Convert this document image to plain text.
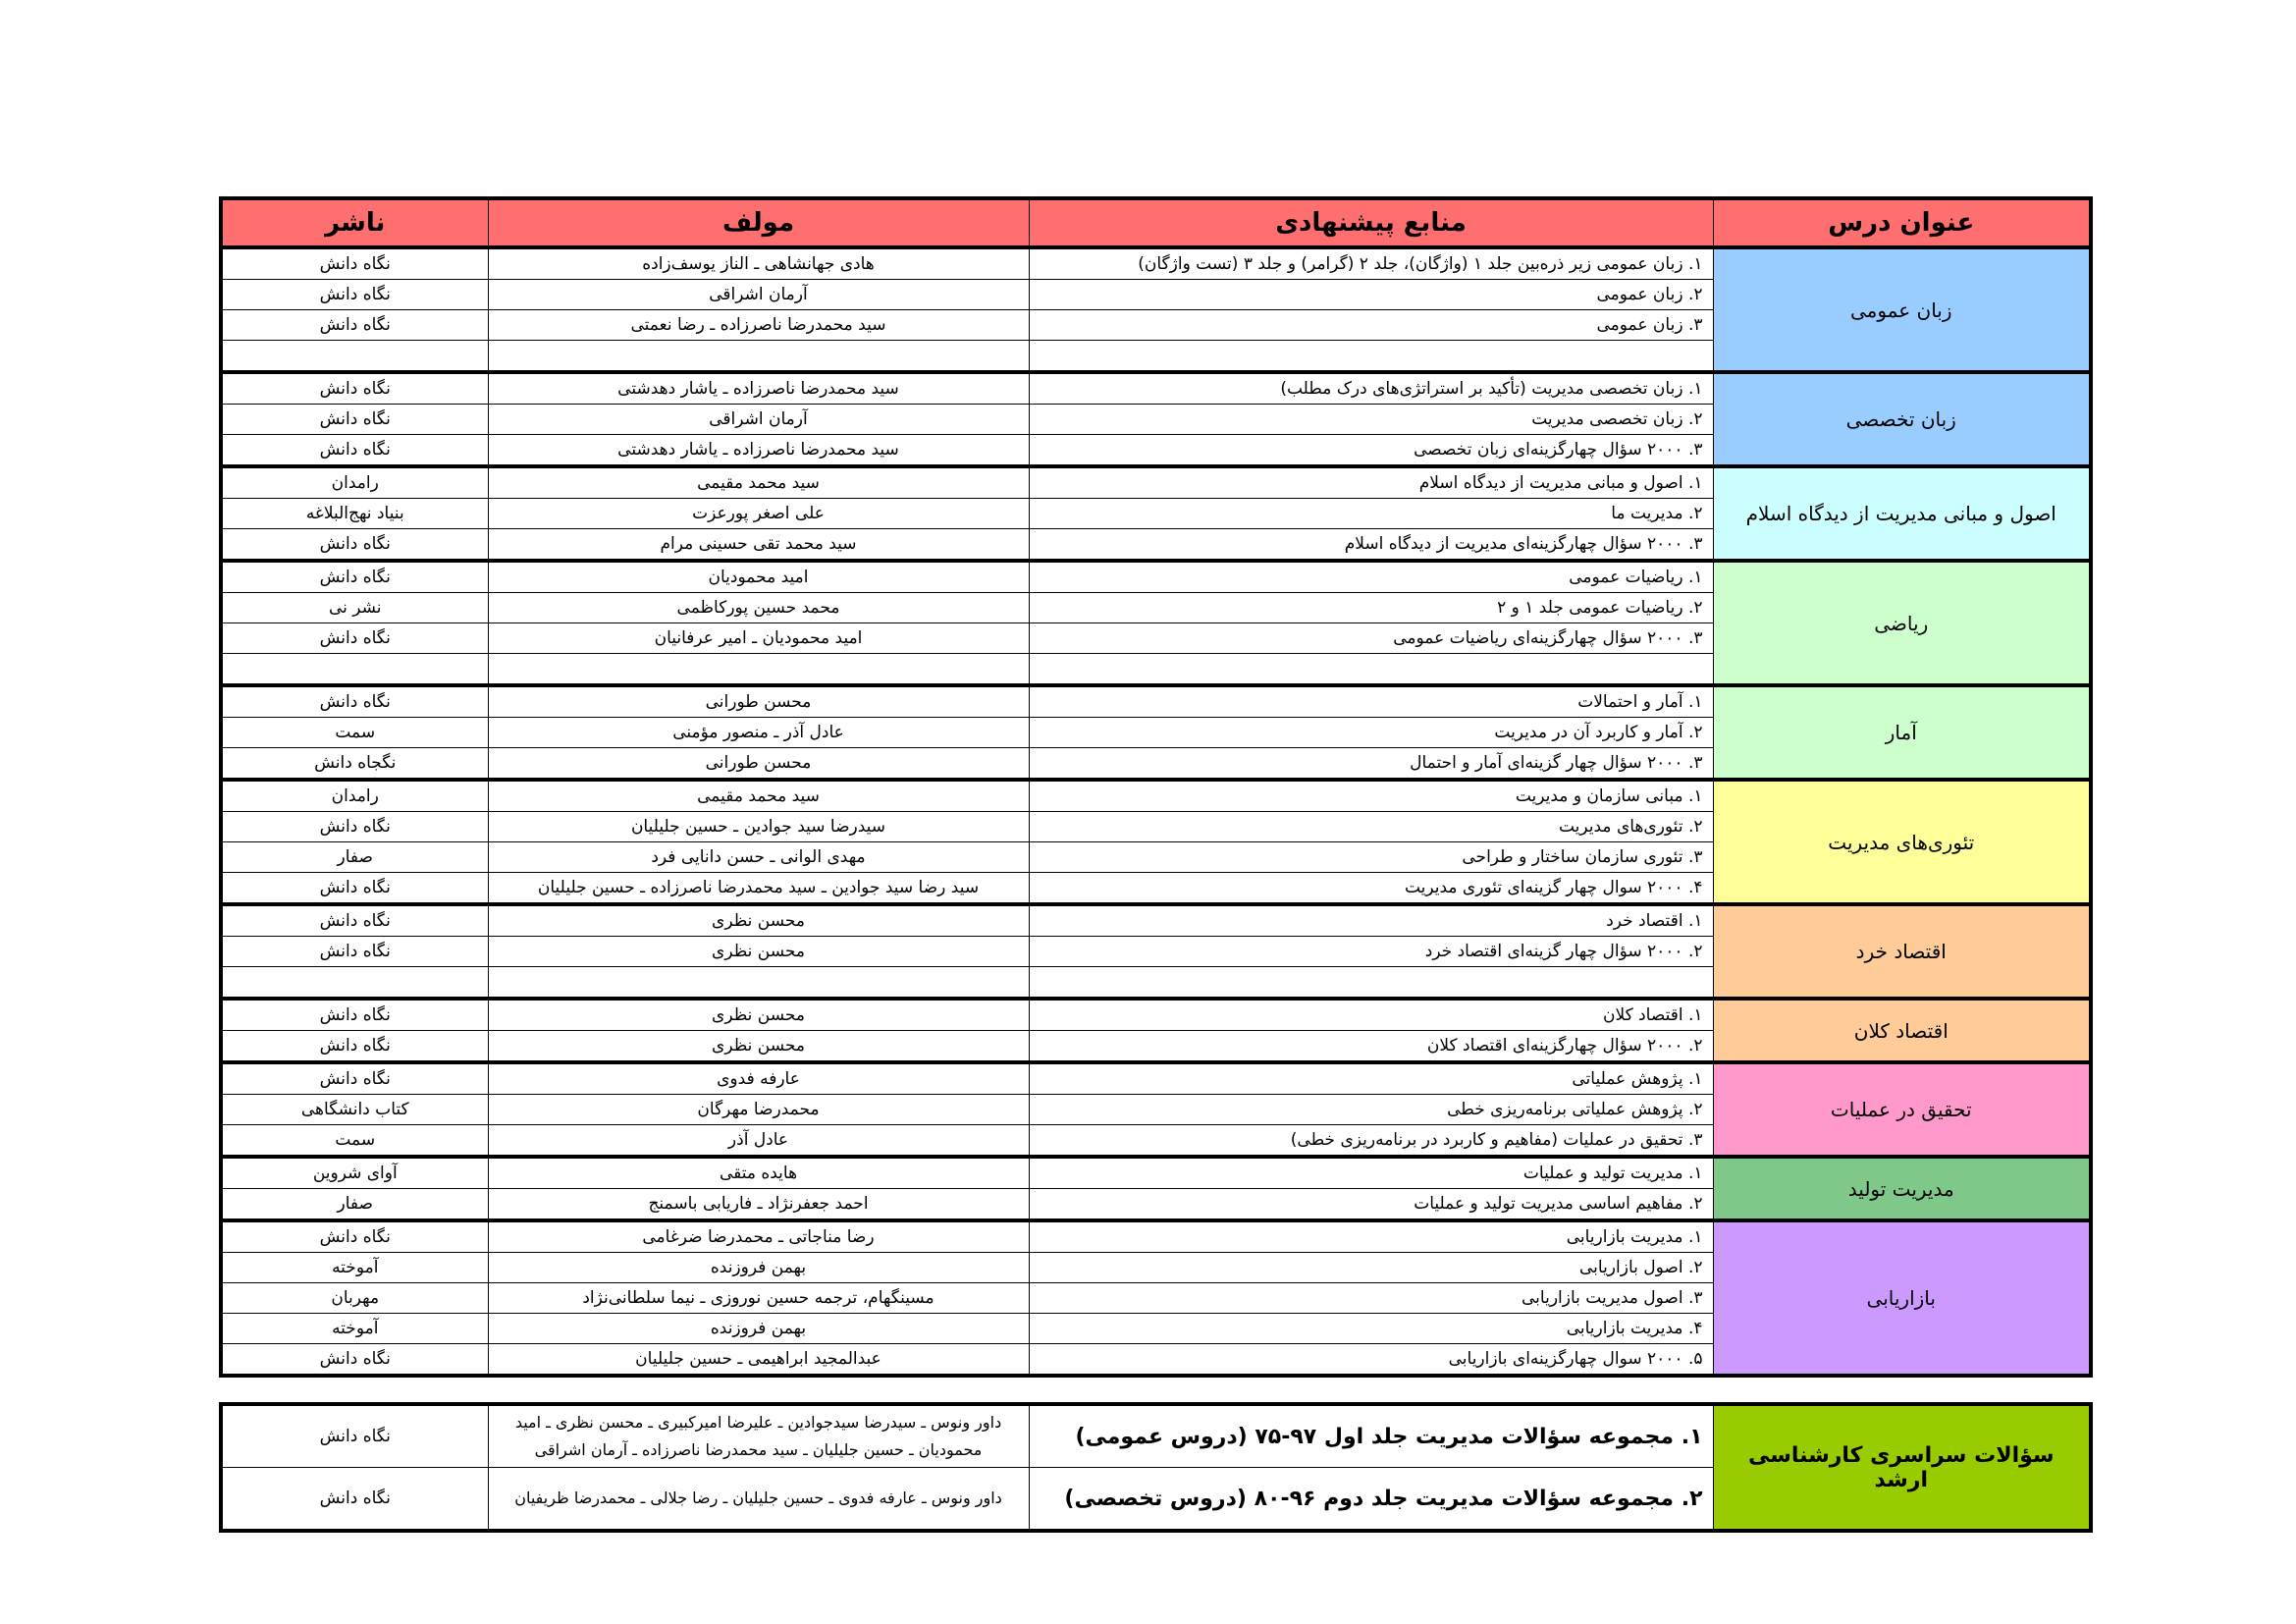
عنوان درس	منابع پیشنهادی	مولف	ناشر
زبان عمومی	۱. زبان عمومی زیر ذره‌بین جلد ۱ (واژگان)، جلد ۲ (گرامر) و جلد ۳ (تست واژگان)	هادی جهانشاهی ـ الناز یوسف‌زاده	نگاه دانش
	۲. زبان عمومی	آرمان اشراقی	نگاه دانش
	۳. زبان عمومی	سید محمدرضا ناصرزاده ـ رضا نعمتی	نگاه دانش

زبان تخصصی	۱. زبان تخصصی مدیریت (تأکید بر استراتژی‌های درک مطلب)	سید محمدرضا ناصرزاده ـ یاشار دهدشتی	نگاه دانش
	۲. زبان تخصصی مدیریت	آرمان اشراقی	نگاه دانش
	۳. ۲۰۰۰ سؤال چهارگزینه‌ای زبان تخصصی	سید محمدرضا ناصرزاده ـ یاشار دهدشتی	نگاه دانش
اصول و مبانی مدیریت از دیدگاه اسلام	۱. اصول و مبانی مدیریت از دیدگاه اسلام	سید محمد مقیمی	رامدان
	۲. مدیریت ما	علی اصغر پورعزت	بنیاد نهج‌البلاغه
	۳. ۲۰۰۰ سؤال چهارگزینه‌ای مدیریت از دیدگاه اسلام	سید محمد تقی حسینی مرام	نگاه دانش
ریاضی	۱. ریاضیات عمومی	امید محمودیان	نگاه دانش
	۲. ریاضیات عمومی جلد ۱ و ۲	محمد حسین پورکاظمی	نشر نی
	۳. ۲۰۰۰ سؤال چهارگزینه‌ای ریاضیات عمومی	امید محمودیان ـ امیر عرفانیان	نگاه دانش

آمار	۱. آمار و احتمالات	محسن طورانی	نگاه دانش
	۲. آمار و کاربرد آن در مدیریت	عادل آذر ـ منصور مؤمنی	سمت
	۳. ۲۰۰۰ سؤال چهار گزینه‌ای آمار و احتمال	محسن طورانی	نگجاه دانش
تئوری‌های مدیریت	۱. مبانی سازمان و مدیریت	سید محمد مقیمی	رامدان
	۲. تئوری‌های مدیریت	سیدرضا سید جوادین ـ حسین جلیلیان	نگاه دانش
	۳. تئوری سازمان ساختار و طراحی	مهدی الوانی ـ حسن دانایی فرد	صفار
	۴. ۲۰۰۰ سوال چهار گزینه‌ای تئوری مدیریت	سید رضا سید جوادین ـ سید محمدرضا ناصرزاده ـ حسین جلیلیان	نگاه دانش
اقتصاد خرد	۱. اقتصاد خرد	محسن نظری	نگاه دانش
	۲. ۲۰۰۰ سؤال چهار گزینه‌ای اقتصاد خرد	محسن نظری	نگاه دانش

اقتصاد کلان	۱. اقتصاد کلان	محسن نظری	نگاه دانش
	۲. ۲۰۰۰ سؤال چهارگزینه‌ای اقتصاد کلان	محسن نظری	نگاه دانش
تحقیق در عملیات	۱. پژوهش عملیاتی	عارفه فدوی	نگاه دانش
	۲. پژوهش عملیاتی برنامه‌ریزی خطی	محمدرضا مهرگان	کتاب دانشگاهی
	۳. تحقیق در عملیات (مفاهیم و کاربرد در برنامه‌ریزی خطی)	عادل آذر	سمت
مدیریت تولید	۱. مدیریت تولید و عملیات	هایده متقی	آوای شروین
	۲. مفاهیم اساسی مدیریت تولید و عملیات	احمد جعفرنژاد ـ فاریابی باسمنج	صفار
بازاریابی	۱. مدیریت بازاریابی	رضا مناجاتی ـ محمدرضا ضرغامی	نگاه دانش
	۲. اصول بازاریابی	بهمن فروزنده	آموخته
	۳. اصول مدیریت بازاریابی	مسینگهام، ترجمه حسین نوروزی ـ نیما سلطانی‌نژاد	مهربان
	۴. مدیریت بازاریابی	بهمن فروزنده	آموخته
	۵. ۲۰۰۰ سوال چهارگزینه‌ای بازاریابی	عبدالمجید ابراهیمی ـ حسین جلیلیان	نگاه دانش
سؤالات سراسری کارشناسی ارشد	۱. مجموعه سؤالات مدیریت جلد اول ۹۷-۷۵ (دروس عمومی)	داور ونوس ـ سیدرضا سیدجوادین ـ علیرضا امیرکبیری ـ محسن نظری ـ امید محمودیان ـ حسین جلیلیان ـ سید محمدرضا ناصرزاده ـ آرمان اشراقی	نگاه دانش
	۲. مجموعه سؤالات مدیریت جلد دوم ۹۶-۸۰ (دروس تخصصی)	داور ونوس ـ عارفه فدوی ـ حسین جلیلیان ـ رضا جلالی ـ محمدرضا ظریفیان	نگاه دانش
